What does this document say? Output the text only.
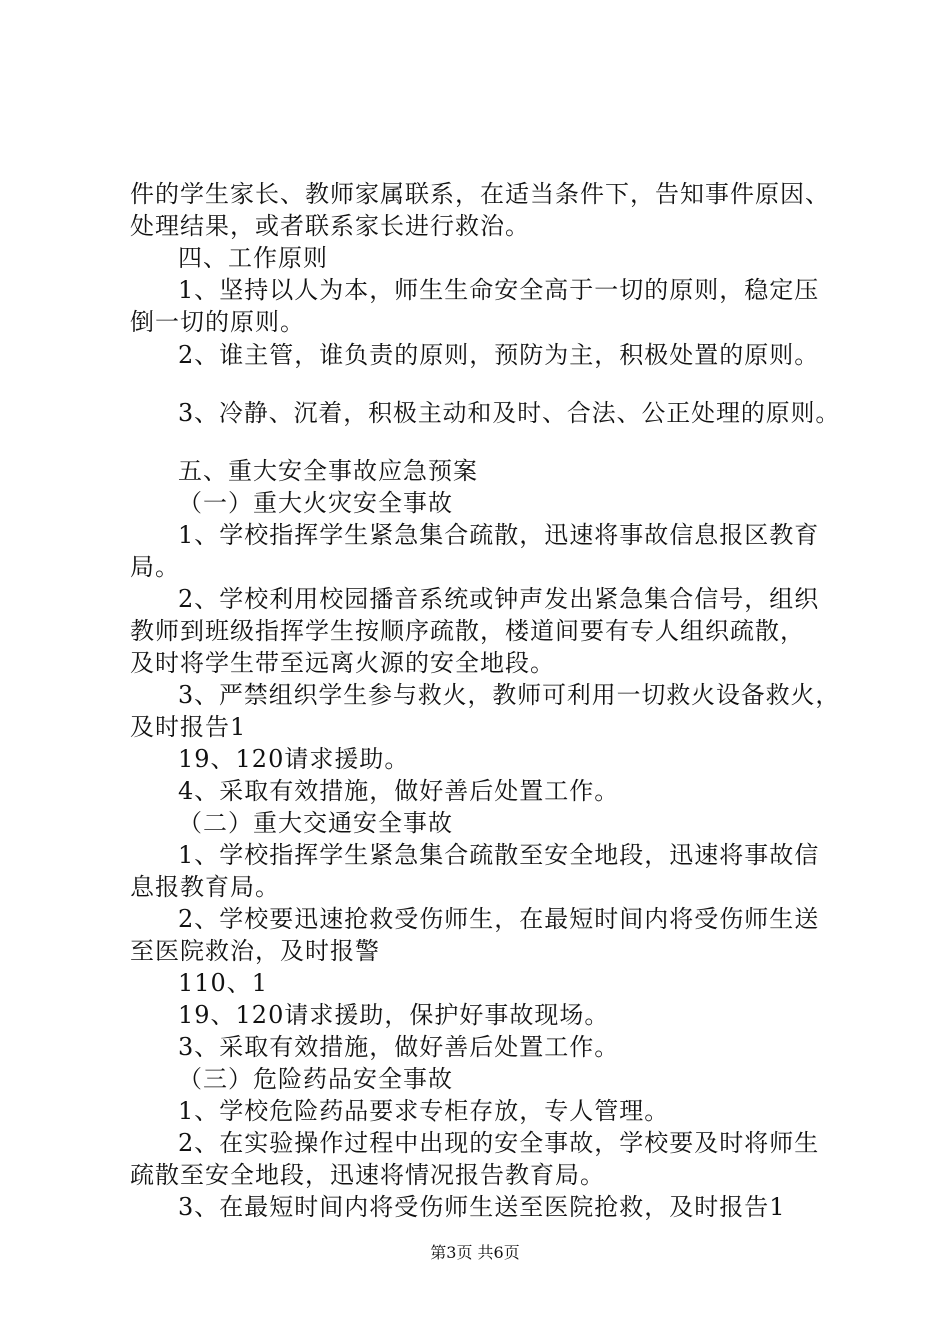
件的学生家长、教师家属联系，在适当条件下，告知事件原因、
处理结果，或者联系家长进行救治。
四、工作原则
1、坚持以人为本，师生生命安全高于一切的原则，稳定压
倒一切的原则。
2、谁主管，谁负责的原则，预防为主，积极处置的原则。
3、冷静、沉着，积极主动和及时、合法、公正处理的原则。
五、重大安全事故应急预案
（一）重大火灾安全事故
1、学校指挥学生紧急集合疏散，迅速将事故信息报区教育
局。
2、学校利用校园播音系统或钟声发出紧急集合信号，组织
教师到班级指挥学生按顺序疏散，楼道间要有专人组织疏散，
及时将学生带至远离火源的安全地段。
3、严禁组织学生参与救火，教师可利用一切救火设备救火，
及时报告1
19、120请求援助。
4、采取有效措施，做好善后处置工作。
（二）重大交通安全事故
1、学校指挥学生紧急集合疏散至安全地段，迅速将事故信
息报教育局。
2、学校要迅速抢救受伤师生，在最短时间内将受伤师生送
至医院救治，及时报警
110、1
19、120请求援助，保护好事故现场。
3、采取有效措施，做好善后处置工作。
（三）危险药品安全事故
1、学校危险药品要求专柜存放，专人管理。
2、在实验操作过程中出现的安全事故，学校要及时将师生
疏散至安全地段，迅速将情况报告教育局。
3、在最短时间内将受伤师生送至医院抢救，及时报告1
第3页 共6页
